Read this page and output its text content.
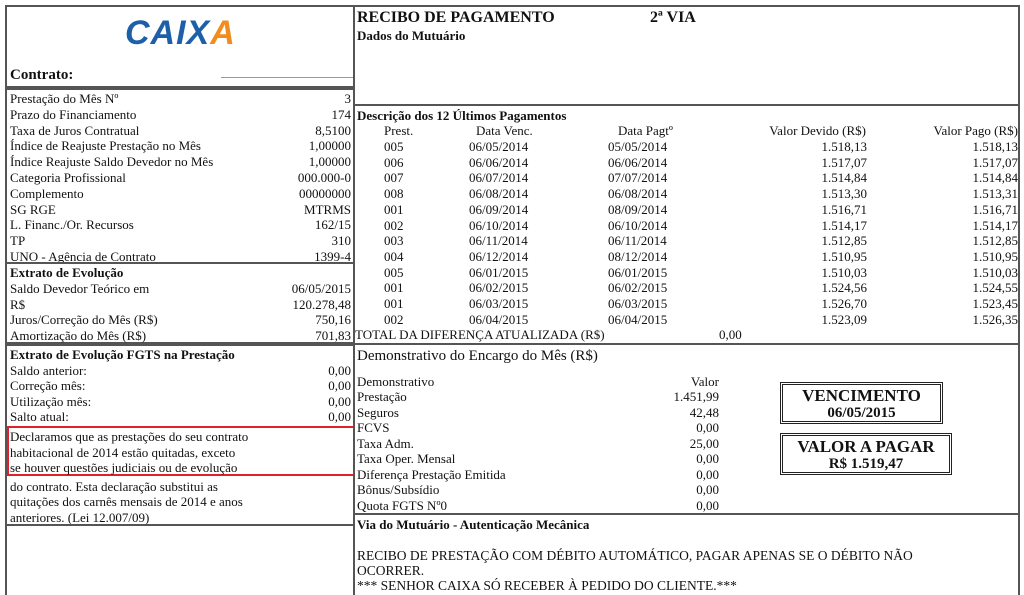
CAIXA
Contrato:
Prestação do Mês Nº	3
Prazo do Financiamento	174
Taxa de Juros Contratual	8,5100
Índice de Reajuste Prestação no Mês	1,00000
Índice Reajuste Saldo Devedor no Mês	1,00000
Categoria Profissional	000.000-0
Complemento	00000000
SG RGE	MTRMS
L. Financ./Or. Recursos	162/15
TP	310
UNO - Agência de Contrato	1399-4
Extrato de Evolução
Saldo Devedor Teórico em	06/05/2015
R$	120.278,48
Juros/Correção do Mês (R$)	750,16
Amortização do Mês (R$)	701,83
Extrato de Evolução FGTS na Prestação
Saldo anterior:	0,00
Correção mês:	0,00
Utilização mês:	0,00
Salto atual:	0,00
Declaramos que as prestações do seu contrato
habitacional de 2014 estão quitadas, exceto
se houver questões judiciais ou de evolução
do contrato. Esta declaração substitui as
quitações dos carnês mensais de 2014 e anos
anteriores. (Lei 12.007/09)
RECIBO DE PAGAMENTO	2ª VIA
Dados do Mutuário
Descrição dos 12 Últimos Pagamentos
Prest.	Data Venc.	Data Pagtº	Valor Devido (R$)	Valor Pago (R$)
005	06/05/2014	05/05/2014	1.518,13	1.518,13
006	06/06/2014	06/06/2014	1.517,07	1.517,07
007	06/07/2014	07/07/2014	1.514,84	1.514,84
008	06/08/2014	06/08/2014	1.513,30	1.513,31
001	06/09/2014	08/09/2014	1.516,71	1.516,71
002	06/10/2014	06/10/2014	1.514,17	1.514,17
003	06/11/2014	06/11/2014	1.512,85	1.512,85
004	06/12/2014	08/12/2014	1.510,95	1.510,95
005	06/01/2015	06/01/2015	1.510,03	1.510,03
001	06/02/2015	06/02/2015	1.524,56	1.524,55
001	06/03/2015	06/03/2015	1.526,70	1.523,45
002	06/04/2015	06/04/2015	1.523,09	1.526,35
TOTAL DA DIFERENÇA ATUALIZADA (R$)	0,00
Demonstrativo do Encargo do Mês (R$)
Demonstrativo	Valor
Prestação	1.451,99
Seguros	42,48
FCVS	0,00
Taxa Adm.	25,00
Taxa Oper. Mensal	0,00
Diferença Prestação Emitida	0,00
Bônus/Subsídio	0,00
Quota FGTS Nº0	0,00
VENCIMENTO
06/05/2015
VALOR A PAGAR
R$ 1.519,47
Via do Mutuário - Autenticação Mecânica
RECIBO DE PRESTAÇÃO COM DÉBITO AUTOMÁTICO, PAGAR APENAS SE O DÉBITO NÃO
OCORRER.
*** SENHOR CAIXA SÓ RECEBER À PEDIDO DO CLIENTE.***
